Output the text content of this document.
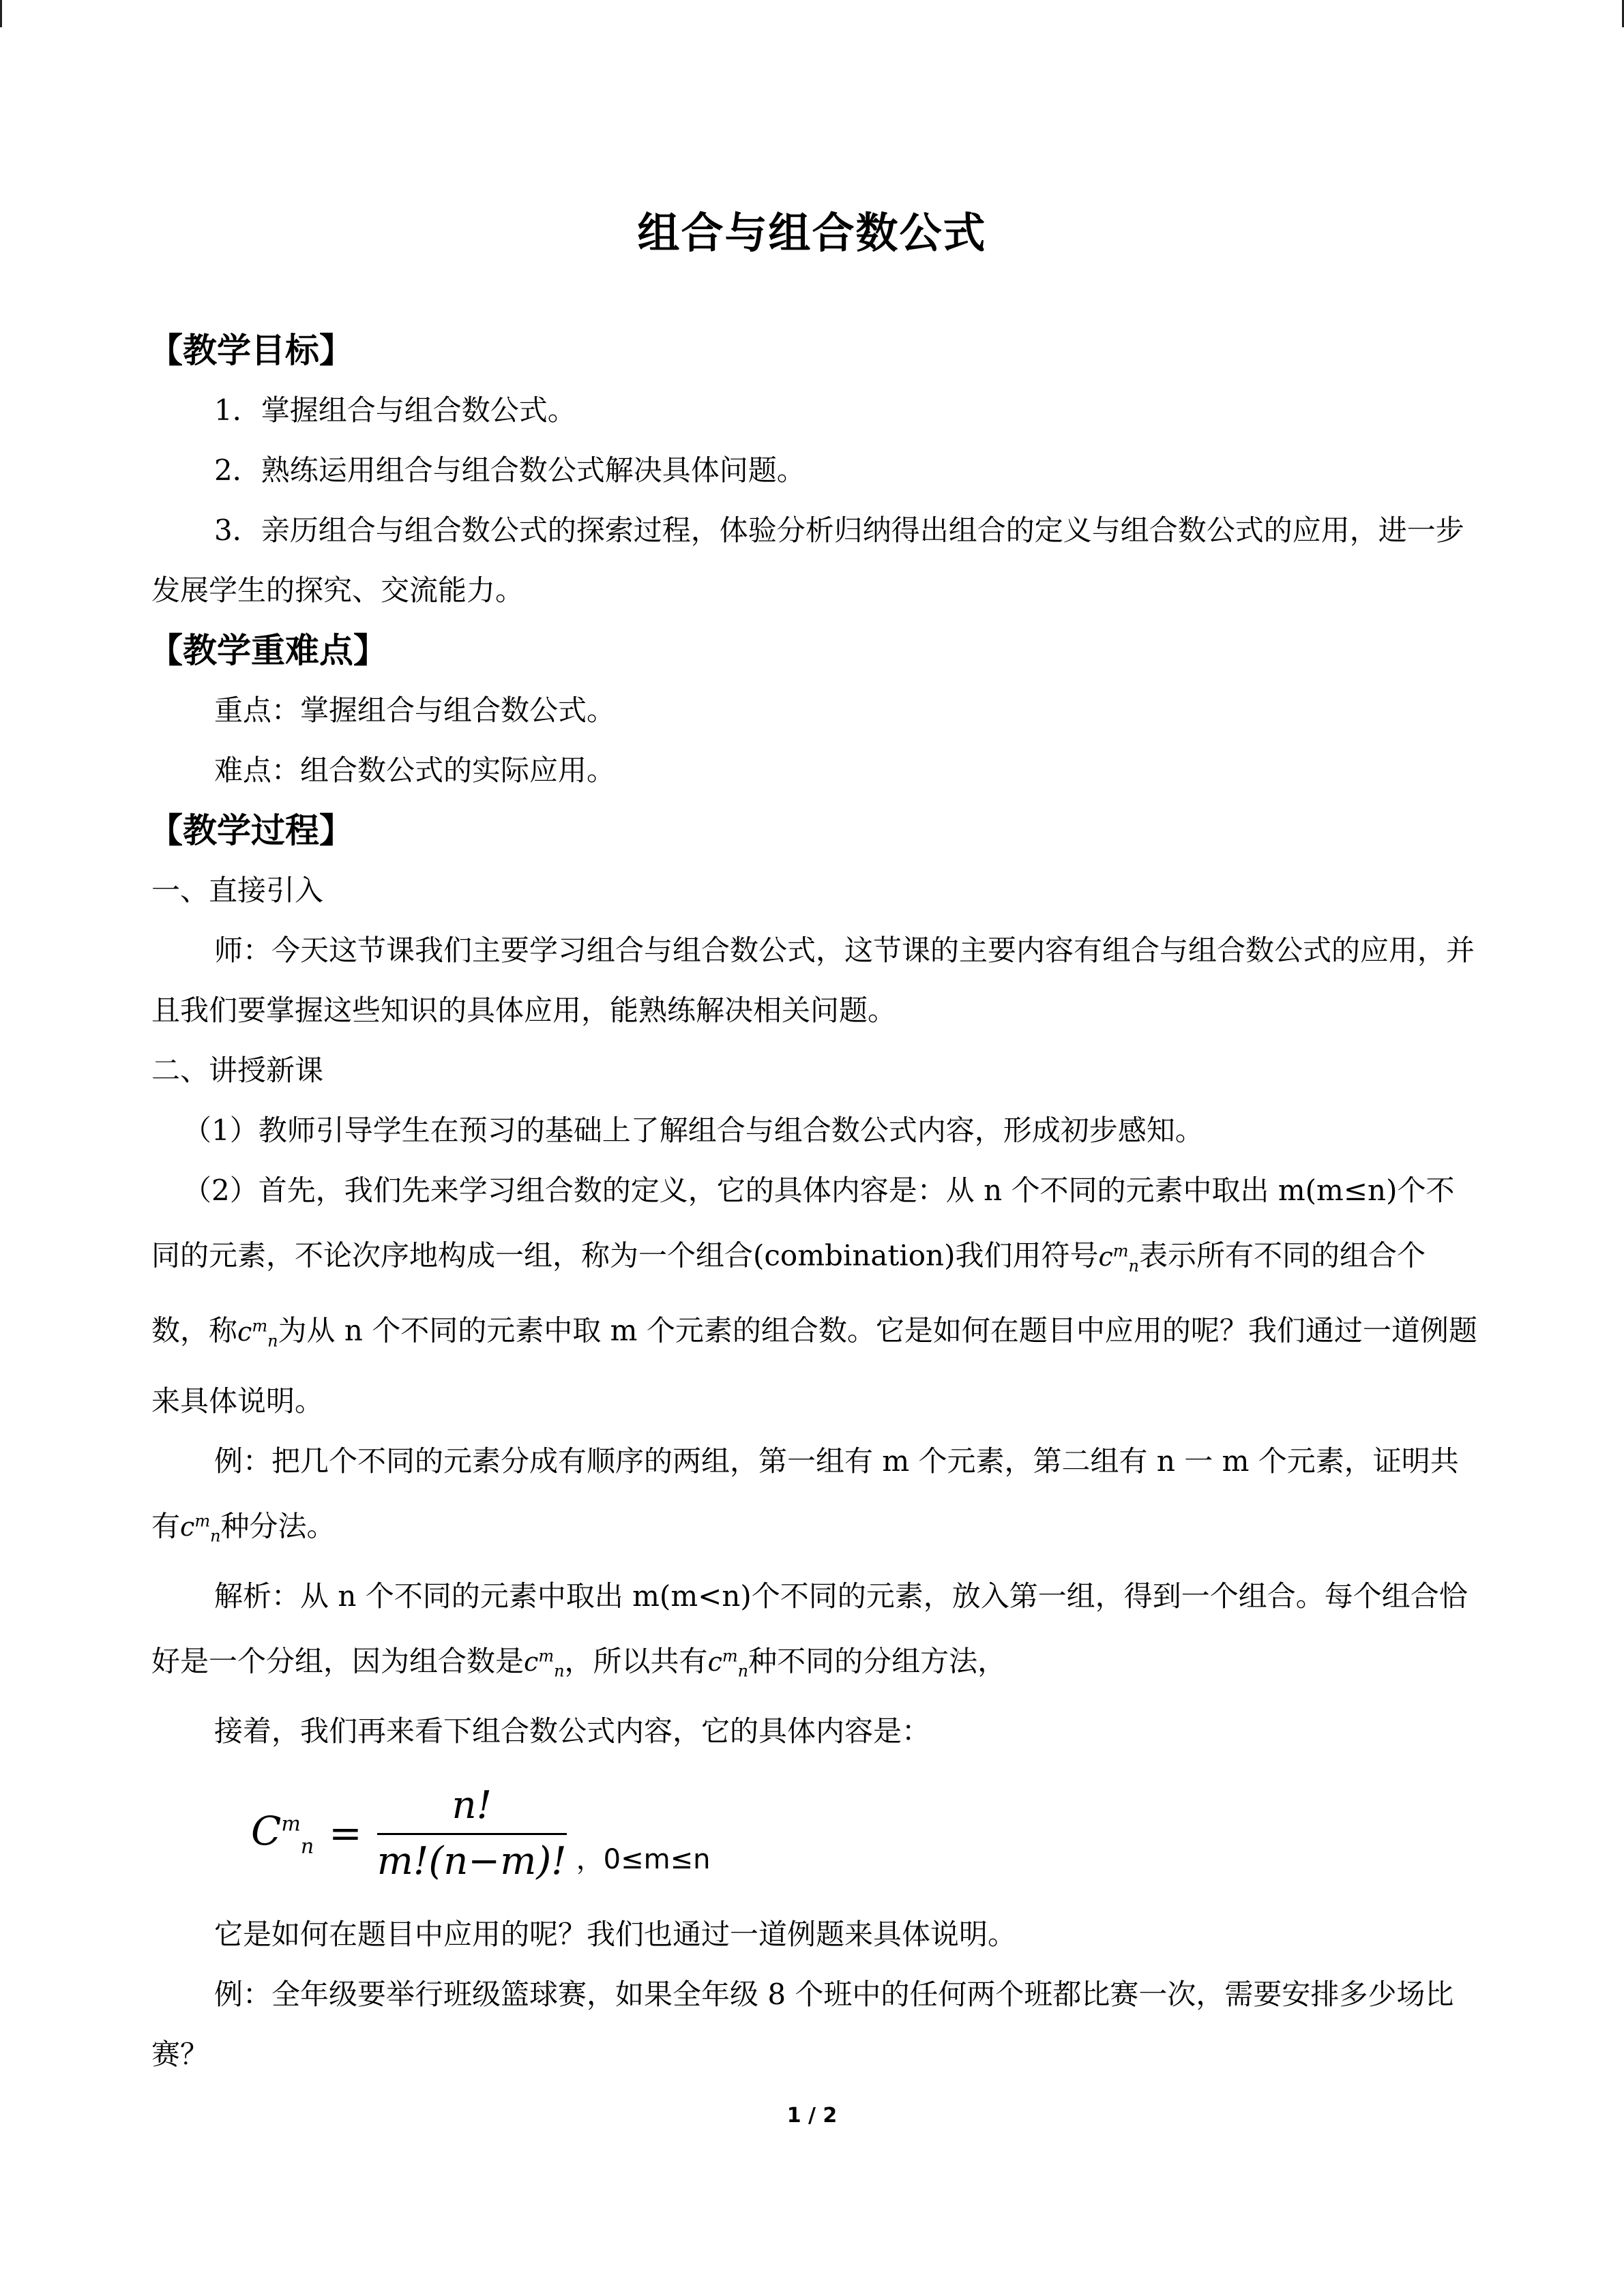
组合与组合数公式
【教学目标】

1．掌握组合与组合数公式。

2．熟练运用组合与组合数公式解决具体问题。

3．亲历组合与组合数公式的探索过程，体验分析归纳得出组合的定义与组合数公式的应用，进一步发展学生的探究、交流能力。

【教学重难点】

重点：掌握组合与组合数公式。

难点：组合数公式的实际应用。

【教学过程】

一、直接引入

师：今天这节课我们主要学习组合与组合数公式，这节课的主要内容有组合与组合数公式的应用，并且我们要掌握这些知识的具体应用，能熟练解决相关问题。

二、讲授新课

（1）教师引导学生在预习的基础上了解组合与组合数公式内容，形成初步感知。

（2）首先，我们先来学习组合数的定义，它的具体内容是：从 n 个不同的元素中取出 m(m≤n)个不同的元素，不论次序地构成一组，称为一个组合(combination)我们用符号$c^m_n$表示所有不同的组合个数，称$c^m_n$为从 n 个不同的元素中取 m 个元素的组合数。它是如何在题目中应用的呢？我们通过一道例题来具体说明。

例：把几个不同的元素分成有顺序的两组，第一组有 m 个元素，第二组有 n 一 m 个元素，证明共有$c^m_n$种分法。

解析：从 n 个不同的元素中取出 m(m<n)个不同的元素，放入第一组，得到一个组合。每个组合恰好是一个分组，因为组合数是$c^m_n$，所以共有$c^m_n$种不同的分组方法，

接着，我们再来看下组合数公式内容，它的具体内容是：

$C^m_n = \frac{n!}{m!(n-m)!}$ ，0≤m≤n

它是如何在题目中应用的呢？我们也通过一道例题来具体说明。

例：全年级要举行班级篮球赛，如果全年级 8 个班中的任何两个班都比赛一次，需要安排多少场比赛？

1 / 2
